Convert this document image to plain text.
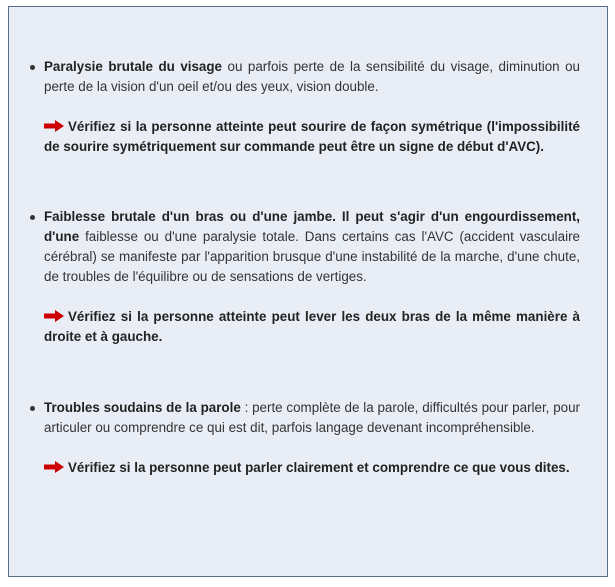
Paralysie brutale du visage ou parfois perte de la sensibilité du visage, diminution ou perte de la vision d'un oeil et/ou des yeux, vision double.

Vérifiez si la personne atteinte peut sourire de façon symétrique (l'impossibilité de sourire symétriquement sur commande peut être un signe de début d'AVC).

Faiblesse brutale d'un bras ou d'une jambe. Il peut s'agir d'un engourdissement, d'une faiblesse ou d'une paralysie totale. Dans certains cas l'AVC (accident vasculaire cérébral) se manifeste par l'apparition brusque d'une instabilité de la marche, d'une chute, de troubles de l'équilibre ou de sensations de vertiges.

Vérifiez si la personne atteinte peut lever les deux bras de la même manière à droite et à gauche.

Troubles soudains de la parole : perte complète de la parole, difficultés pour parler, pour articuler ou comprendre ce qui est dit, parfois langage devenant incompréhensible.

Vérifiez si la personne peut parler clairement et comprendre ce que vous dites.
